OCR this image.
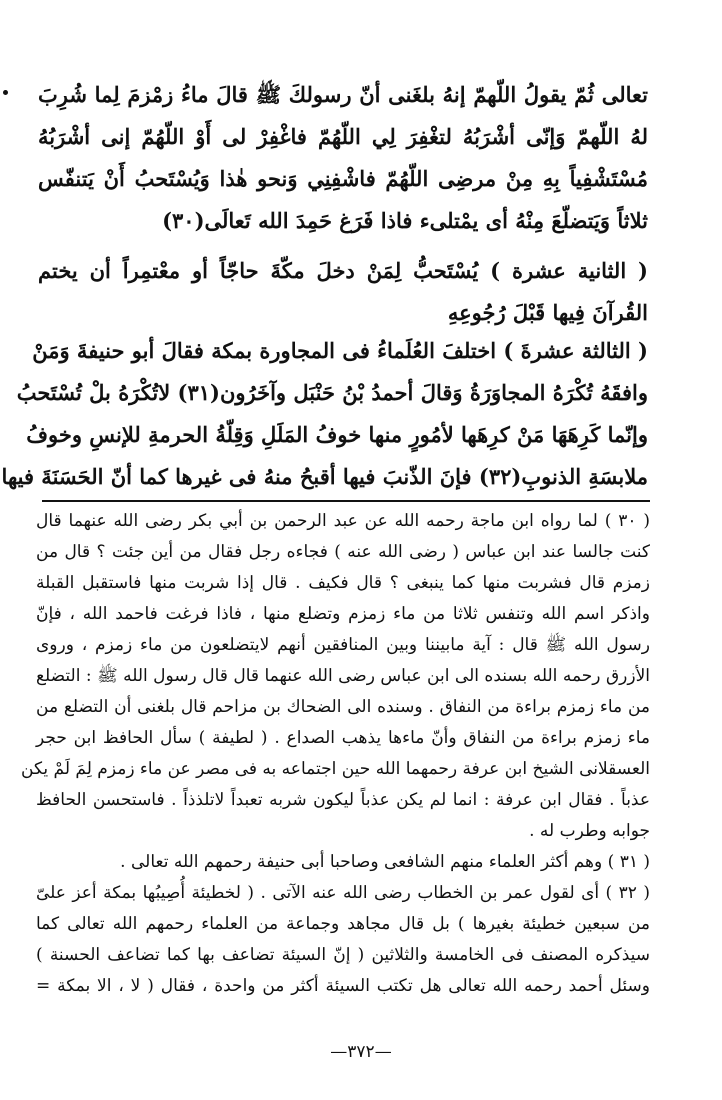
تعالى ثُمّ يقولُ اللّهمّ إنهُ بلغَنى أنّ رسولكَ ﷺ قالَ ماءُ زمْزمَ لِما شُرِبَ
لهُ اللّهمّ وَإنّى أشْرَبُهُ لتغْفِرَ لِي اللّهُمّ فاغْفِرْ لى أَوْ اللّهُمّ إنى أشْرَبُهُ
مُسْتَشْفِياً بِهِ مِنْ مرضِى اللّهُمّ فاشْفِنِي وَنحو هٰذا وَيُسْتَحبُ أَنْ يَتنفّس
ثلاثاً وَيَتضلّعَ مِنْهُ أى يمْتلىء فاذا فَرَغ حَمِدَ الله تَعالَى(٣٠)
( الثانية عشرة ) يُسْتَحبُّ لِمَنْ دخلَ مكّةَ حاجّاً أو معْتمِراً أن يختم
القُرآنَ فِيها قَبْلَ رُجُوعِهِ
( الثالثة عشرةَ ) اختلفَ العُلَماءُ فى المجاورة بمكة فقالَ أبو حنيفةَ وَمَنْ
وافقَهُ تُكْرَهُ المجاوَرَةُ وَقالَ أحمدُ بْنُ حَنْبَل وآخَرُون(٣١) لاتُكْرَهُ بلْ تُسْتَحبُ
وإنّما كَرِهَهَا مَنْ كرِهَها لأمُورٍ منها خوفُ المَلَلِ وَقِلّةُ الحرمةِ للإنسِ وخوفُ
ملابسَةِ الذنوبِ(٣٢) فإنَ الذّنبَ فيها أقبحُ منهُ فى غيرها كما أنّ الحَسَنَةَ فيها
( ٣٠ ) لما رواه ابن ماجة رحمه الله عن عبد الرحمن بن أبي بكر رضى الله عنهما قال
كنت جالسا عند ابن عباس ( رضى الله عنه ) فجاءه رجل فقال من أين جئت ؟ قال من
زمزم قال فشربت منها كما ينبغى ؟ قال فكيف . قال إذا شربت منها فاستقبل القبلة
واذكر اسم الله وتنفس ثلاثا من ماء زمزم وتضلع منها ، فاذا فرغت فاحمد الله ، فإنّ
رسول الله ﷺ قال : آية مابيننا وبين المنافقين أنهم لايتضلعون من ماء زمزم ، وروى
الأزرق رحمه الله بسنده الى ابن عباس رضى الله عنهما قال قال رسول الله ﷺ : التضلع
من ماء زمزم براءة من النفاق . وسنده الى الضحاك بن مزاحم قال بلغنى أن التضلع من
ماء زمزم براءة من النفاق وأنّ ماءها يذهب الصداع . ( لطيفة ) سأل الحافظ ابن حجر
العسقلانى الشيخ ابن عرفة رحمهما الله حين اجتماعه به فى مصر عن ماء زمزم لِمَ لَمْ يكن
عذباً . فقال ابن عرفة : انما لم يكن عذباً ليكون شربه تعبداً لاتلذذاً . فاستحسن الحافظ
جوابه وطرب له .
( ٣١ ) وهم أكثر العلماء منهم الشافعى وصاحبا أبى حنيفة رحمهم الله تعالى .
( ٣٢ ) أى لقول عمر بن الخطاب رضى الله عنه الآتى . ( لخطيئة أُصِيبُها بمكة أعز علىّ
من سبعين خطيئة بغيرها ) بل قال مجاهد وجماعة من العلماء رحمهم الله تعالى كما
سيذكره المصنف فى الخامسة والثلاثين ( إنّ السيئة تضاعف بها كما تضاعف الحسنة )
وسئل أحمد رحمه الله تعالى هل تكتب السيئة أكثر من واحدة ، فقال ( لا ، الا بمكة =
—٣٧٢—
